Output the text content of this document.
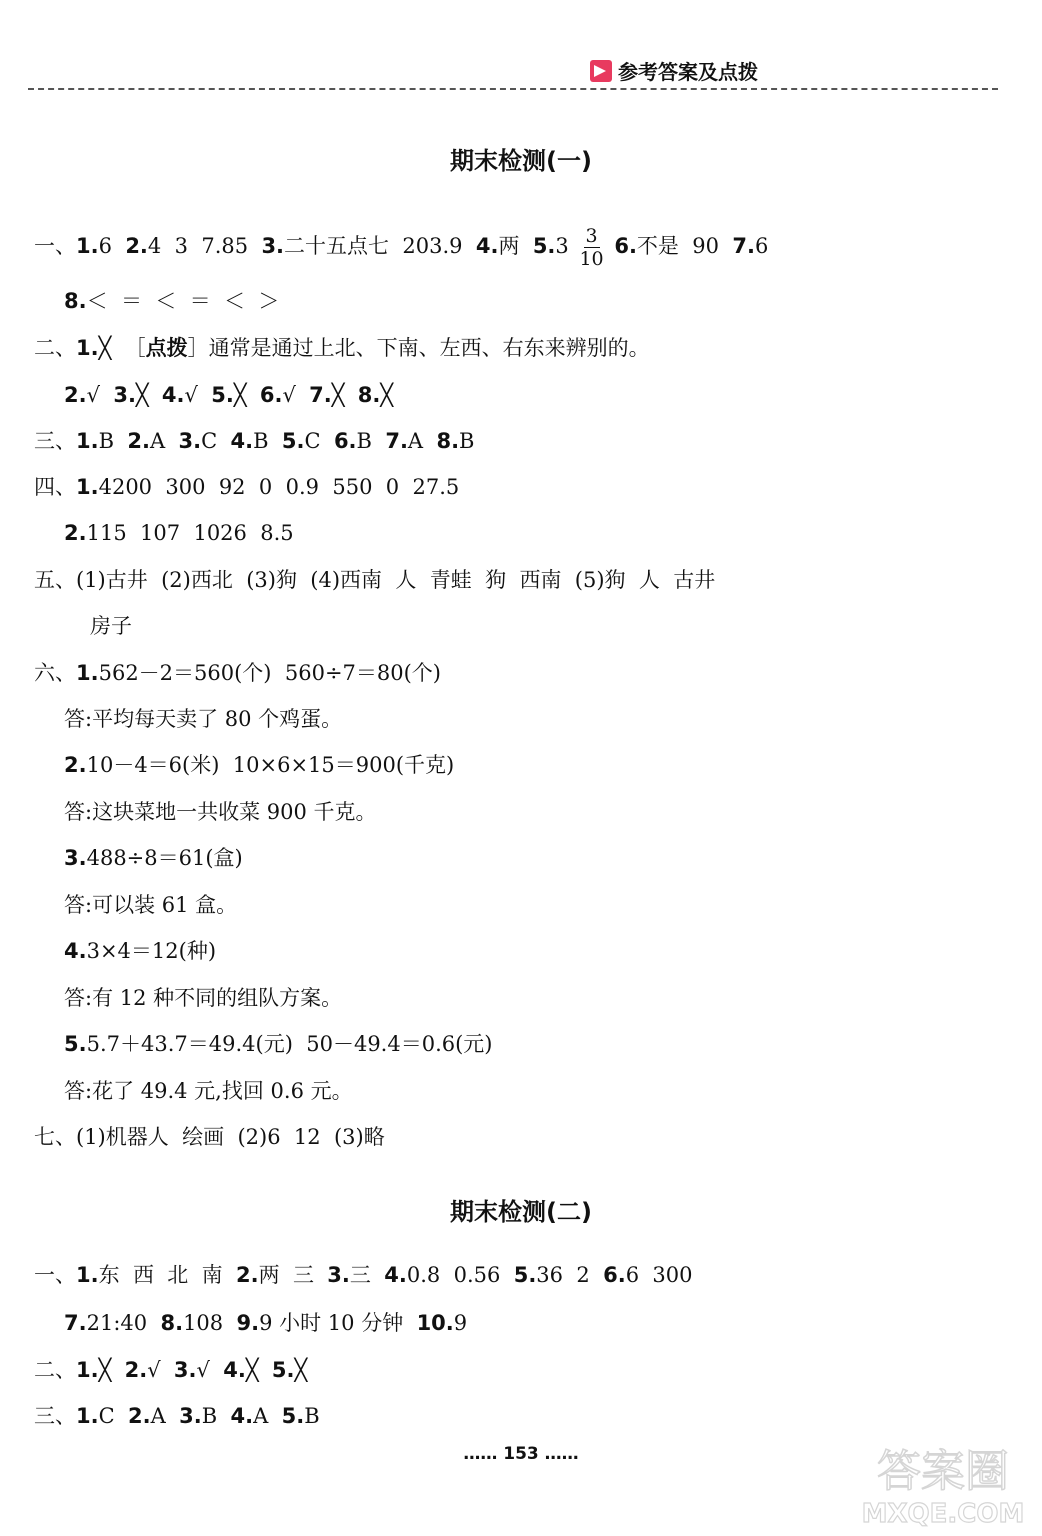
参考答案及点拨
期末检测(一)
一、1.6  2.4  3  7.85  3.二十五点七  203.9  4.两  $5.3 \frac{3}{10} 6$.不是  90  7.6
8.＜  ＝  ＜  ＝  ＜  ＞
二、1.╳  ［点拨］通常是通过上北、下南、左西、右东来辨别的。
2.√  3.╳  4.√  5.╳  6.√  7.╳  8.╳
三、1.B  2.A  3.C  4.B  5.C  6.B  7.A  8.B
四、1.4200  300  92  0  0.9  550  0  27.5
2.115  107  1026  8.5
五、(1)古井  (2)西北  (3)狗  (4)西南  人  青蛙  狗  西南  (5)狗  人  古井
房子
六、1.562－2＝560(个)  560÷7＝80(个)
答:平均每天卖了 80 个鸡蛋。
2.10－4＝6(米)  10×6×15＝900(千克)
答:这块菜地一共收菜 900 千克。
3.488÷8＝61(盒)
答:可以装 61 盒。
4.3×4＝12(种)
答:有 12 种不同的组队方案。
5.5.7＋43.7＝49.4(元)  50－49.4＝0.6(元)
答:花了 49.4 元,找回 0.6 元。
七、(1)机器人  绘画  (2)6  12  (3)略
期末检测(二)
一、1.东  西  北  南  2.两  三  3.三  4.0.8  0.56  5.36  2  6.6  300
7.21:40  8.108  9.9 小时 10 分钟  10.9
二、1.╳  2.√  3.√  4.╳  5.╳
三、1.C  2.A  3.B  4.A  5.B
…… 153 ……	答案圈
MXQE.COM
